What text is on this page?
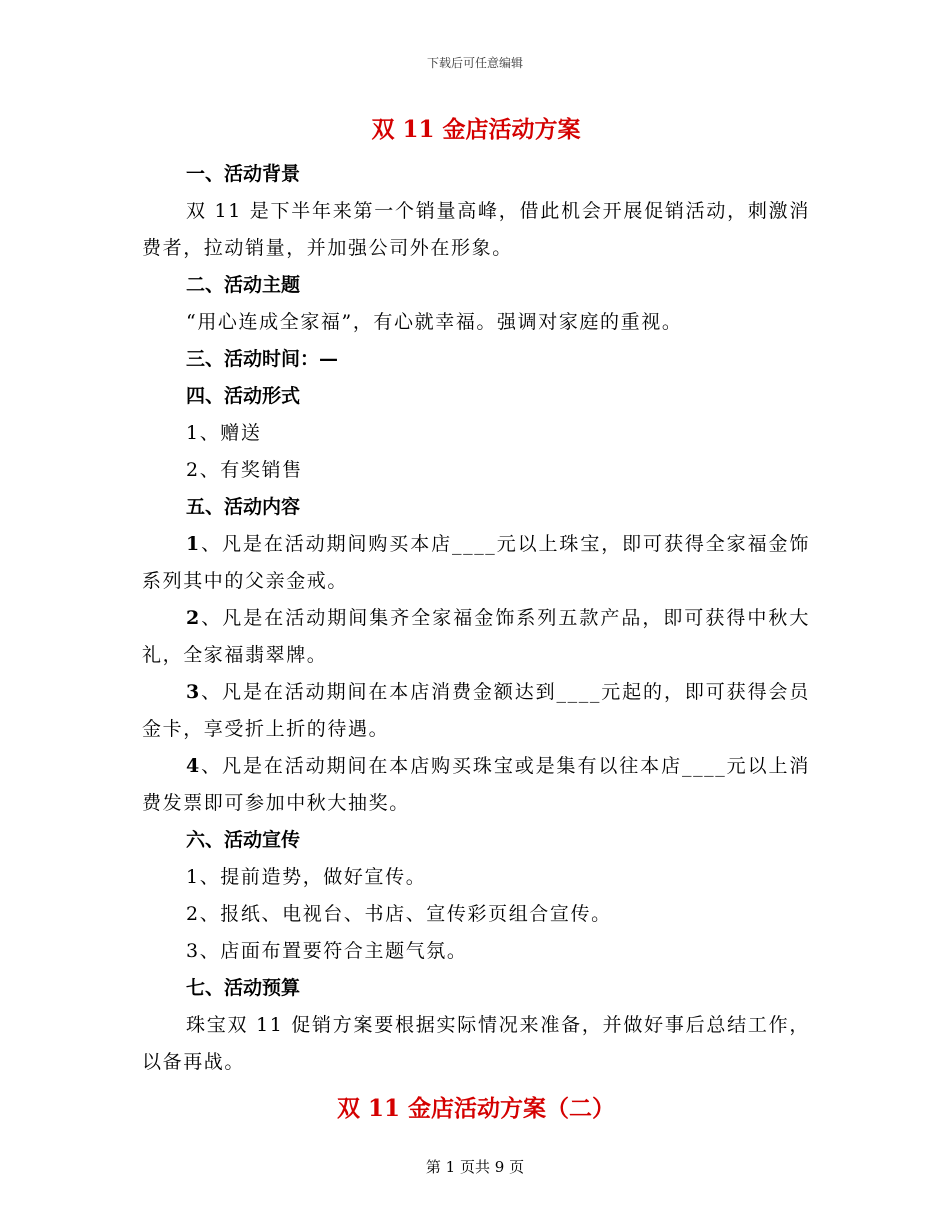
下载后可任意编辑
双 11 金店活动方案
一、活动背景
双 11 是下半年来第一个销量高峰，借此机会开展促销活动，刺激消费者，拉动销量，并加强公司外在形象。
二、活动主题
“用心连成全家福”，有心就幸福。强调对家庭的重视。
三、活动时间：—
四、活动形式
1、赠送
2、有奖销售
五、活动内容
1、凡是在活动期间购买本店____元以上珠宝，即可获得全家福金饰系列其中的父亲金戒。
2、凡是在活动期间集齐全家福金饰系列五款产品，即可获得中秋大礼，全家福翡翠牌。
3、凡是在活动期间在本店消费金额达到____元起的，即可获得会员金卡，享受折上折的待遇。
4、凡是在活动期间在本店购买珠宝或是集有以往本店____元以上消费发票即可参加中秋大抽奖。
六、活动宣传
1、提前造势，做好宣传。
2、报纸、电视台、书店、宣传彩页组合宣传。
3、店面布置要符合主题气氛。
七、活动预算
珠宝双 11 促销方案要根据实际情况来准备，并做好事后总结工作，以备再战。
双 11 金店活动方案（二）
第 1 页共 9 页
